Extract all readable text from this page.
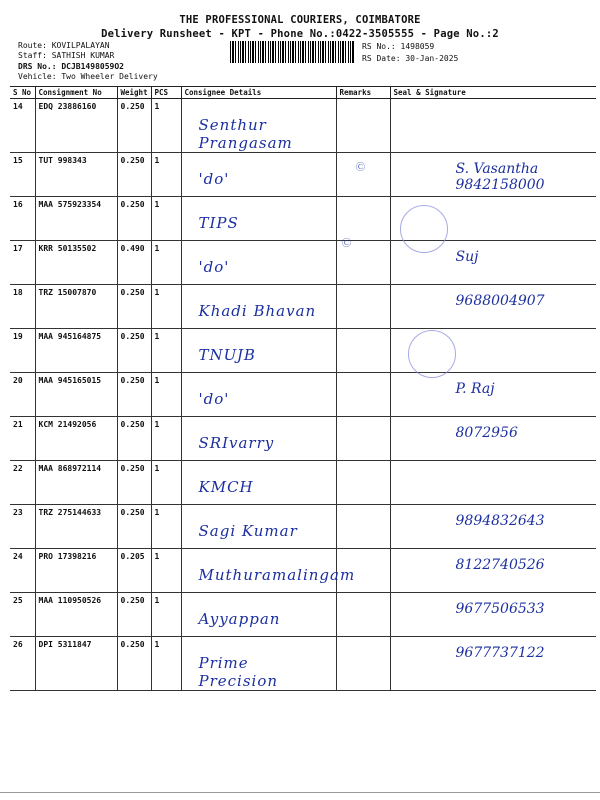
THE PROFESSIONAL COURIERS, COIMBATORE
Delivery Runsheet - KPT - Phone No.:0422-3505555 - Page No.:2
Route: KOVILPALAYAN
Staff: SATHISH KUMAR
DRS No.: DCJB1498059O2
RS No.: 1498059
RS Date: 30-Jan-2025
Vehicle: Two Wheeler Delivery
S No	Consignment No	Weight	PCS	Consignee Details	Remarks	Seal & Signature
14	EDQ 23886160	0.250	1	Senthur Prangasam		

15	TUT 998343	0.250	1	'do'		S. Vasantha 9842158000

16	MAA 575923354	0.250	1	TIPS		

17	KRR 50135502	0.490	1	'do'		Suj

18	TRZ 15007870	0.250	1	Khadi Bhavan		9688004907

19	MAA 945164875	0.250	1	TNUJB		

20	MAA 945165015	0.250	1	'do'		P. Raj

21	KCM 21492056	0.250	1	SRIvarry		8072956

22	MAA 868972114	0.250	1	KMCH		

23	TRZ 275144633	0.250	1	Sagi Kumar		9894832643

24	PRO 17398216	0.205	1	Muthuramalingam		8122740526

25	MAA 110950526	0.250	1	Ayyappan		9677506533

26	DPI 5311847	0.250	1	Prime Precision		9677737122
Ⓒ
Ⓒ
